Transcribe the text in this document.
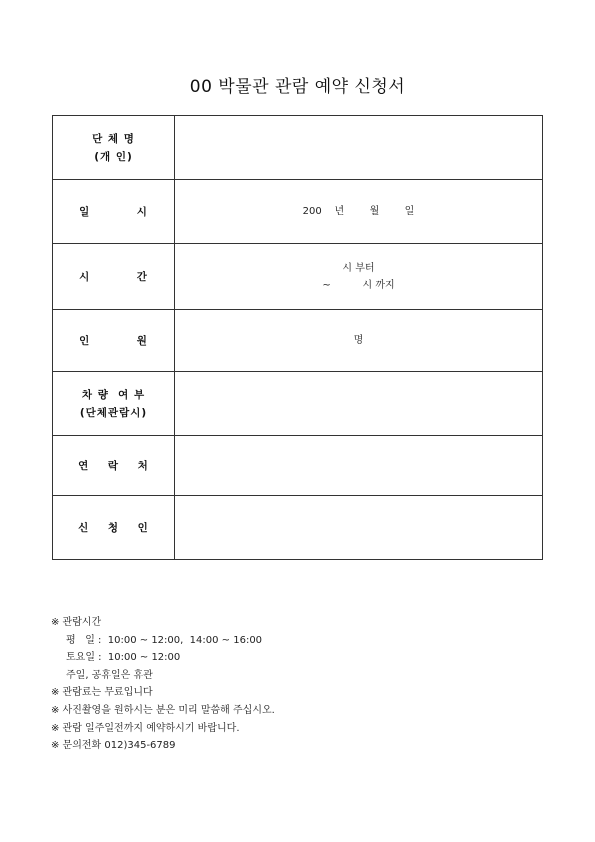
00 박물관 관람 예약 신청서
단 체 명
(개 인)	

일          시	200    년        월        일

시          간	시 부터
~          시 까지

인          원	명

차 량  여 부
(단체관람시)	

연    락    처	

신    청    인	

※ 관람시간
평   일 :  10:00 ~ 12:00,  14:00 ~ 16:00
토요일 :  10:00 ~ 12:00
주일, 공휴일은 휴관
※ 관람료는 무료입니다
※ 사진촬영을 원하시는 분은 미리 말씀해 주십시오.
※ 관람 일주일전까지 예약하시기 바랍니다.
※ 문의전화 012)345-6789
